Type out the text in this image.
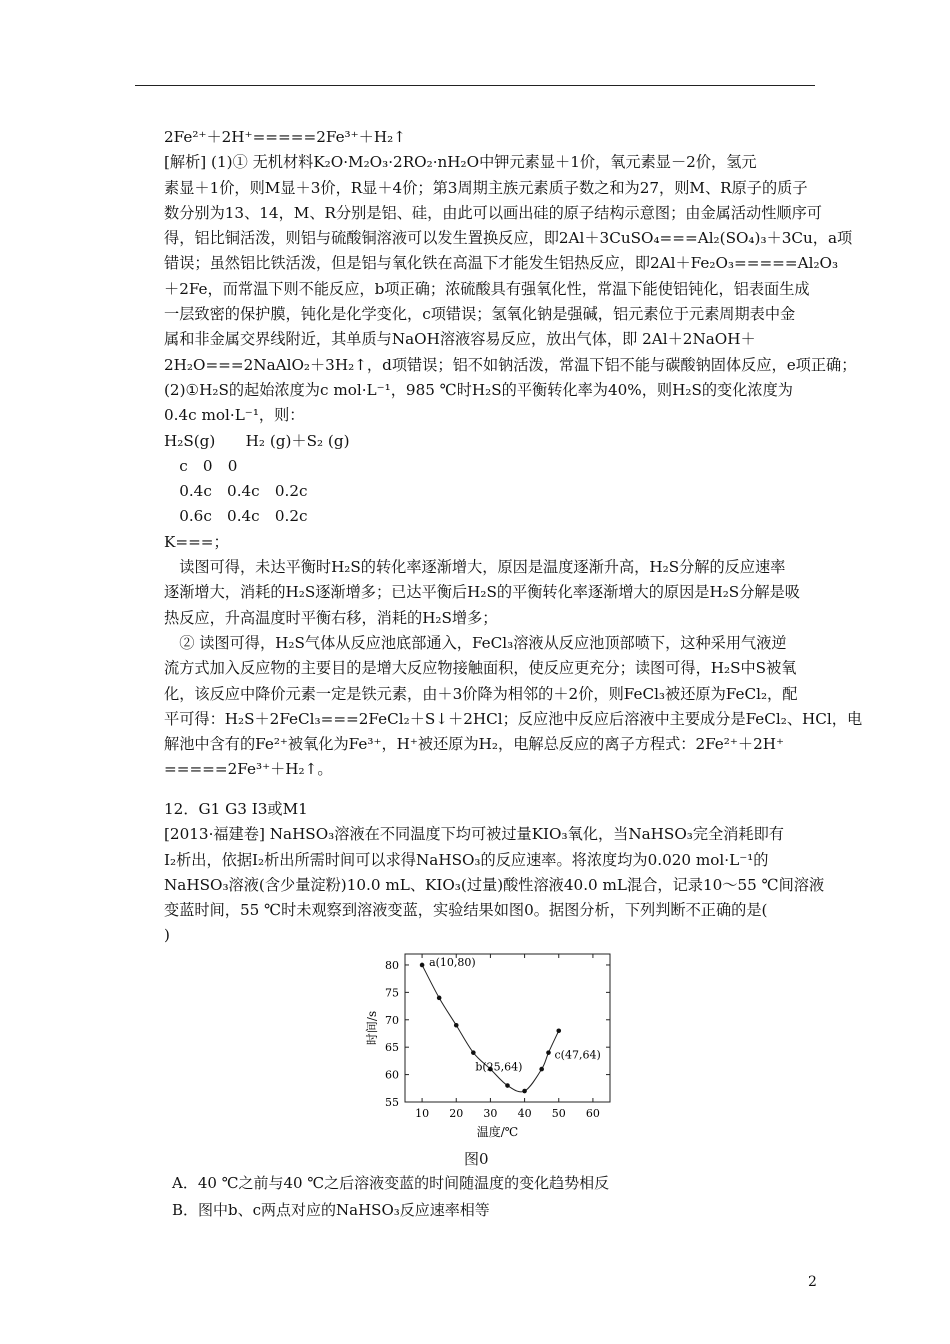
2Fe²⁺＋2H⁺=====2Fe³⁺＋H₂↑
[解析] (1)① 无机材料K₂O·M₂O₃·2RO₂·nH₂O中钾元素显＋1价，氧元素显－2价，氢元
素显＋1价，则M显＋3价，R显＋4价；第3周期主族元素质子数之和为27，则M、R原子的质子
数分别为13、14，M、R分别是铝、硅，由此可以画出硅的原子结构示意图；由金属活动性顺序可
得，铝比铜活泼，则铝与硫酸铜溶液可以发生置换反应，即2Al＋3CuSO₄===Al₂(SO₄)₃＋3Cu，a项
错误；虽然铝比铁活泼，但是铝与氧化铁在高温下才能发生铝热反应，即2Al＋Fe₂O₃=====Al₂O₃
＋2Fe，而常温下则不能反应，b项正确；浓硫酸具有强氧化性，常温下能使铝钝化，铝表面生成
一层致密的保护膜，钝化是化学变化，c项错误；氢氧化钠是强碱，铝元素位于元素周期表中金
属和非金属交界线附近，其单质与NaOH溶液容易反应，放出气体，即 2Al＋2NaOH＋
2H₂O===2NaAlO₂＋3H₂↑，d项错误；铝不如钠活泼，常温下铝不能与碳酸钠固体反应，e项正确；
(2)①H₂S的起始浓度为c mol·L⁻¹，985 ℃时H₂S的平衡转化率为40%，则H₂S的变化浓度为
0.4c mol·L⁻¹，则：
H₂S(g)　　H₂ (g)＋S₂ (g)
　c　0　0
　0.4c　0.4c　0.2c
　0.6c　0.4c　0.2c
K===；
　读图可得，未达平衡时H₂S的转化率逐渐增大，原因是温度逐渐升高，H₂S分解的反应速率
逐渐增大，消耗的H₂S逐渐增多；已达平衡后H₂S的平衡转化率逐渐增大的原因是H₂S分解是吸
热反应，升高温度时平衡右移，消耗的H₂S增多；
　② 读图可得，H₂S气体从反应池底部通入，FeCl₃溶液从反应池顶部喷下，这种采用气液逆
流方式加入反应物的主要目的是增大反应物接触面积，使反应更充分；读图可得，H₂S中S被氧
化，该反应中降价元素一定是铁元素，由＋3价降为相邻的＋2价，则FeCl₃被还原为FeCl₂，配
平可得：H₂S＋2FeCl₃===2FeCl₂＋S↓＋2HCl；反应池中反应后溶液中主要成分是FeCl₂、HCl，电
解池中含有的Fe²⁺被氧化为Fe³⁺，H⁺被还原为H₂，电解总反应的离子方程式：2Fe²⁺＋2H⁺
=====2Fe³⁺＋H₂↑。
12．G1 G3 I3或M1
[2013·福建卷] NaHSO₃溶液在不同温度下均可被过量KIO₃氧化，当NaHSO₃完全消耗即有
I₂析出，依据I₂析出所需时间可以求得NaHSO₃的反应速率。将浓度均为0.020 mol·L⁻¹的
NaHSO₃溶液(含少量淀粉)10.0 mL、KIO₃(过量)酸性溶液40.0 mL混合，记录10～55 ℃间溶液
变蓝时间，55 ℃时未观察到溶液变蓝，实验结果如图0。据图分析，下列判断不正确的是(
)
55
60
65
70
75
80
10 20 30 40 50 60
温度/℃
时间/s
a(10,80)
b(25,64)
c(47,64)
图0
A．40 ℃之前与40 ℃之后溶液变蓝的时间随温度的变化趋势相反
B．图中b、c两点对应的NaHSO₃反应速率相等
2
